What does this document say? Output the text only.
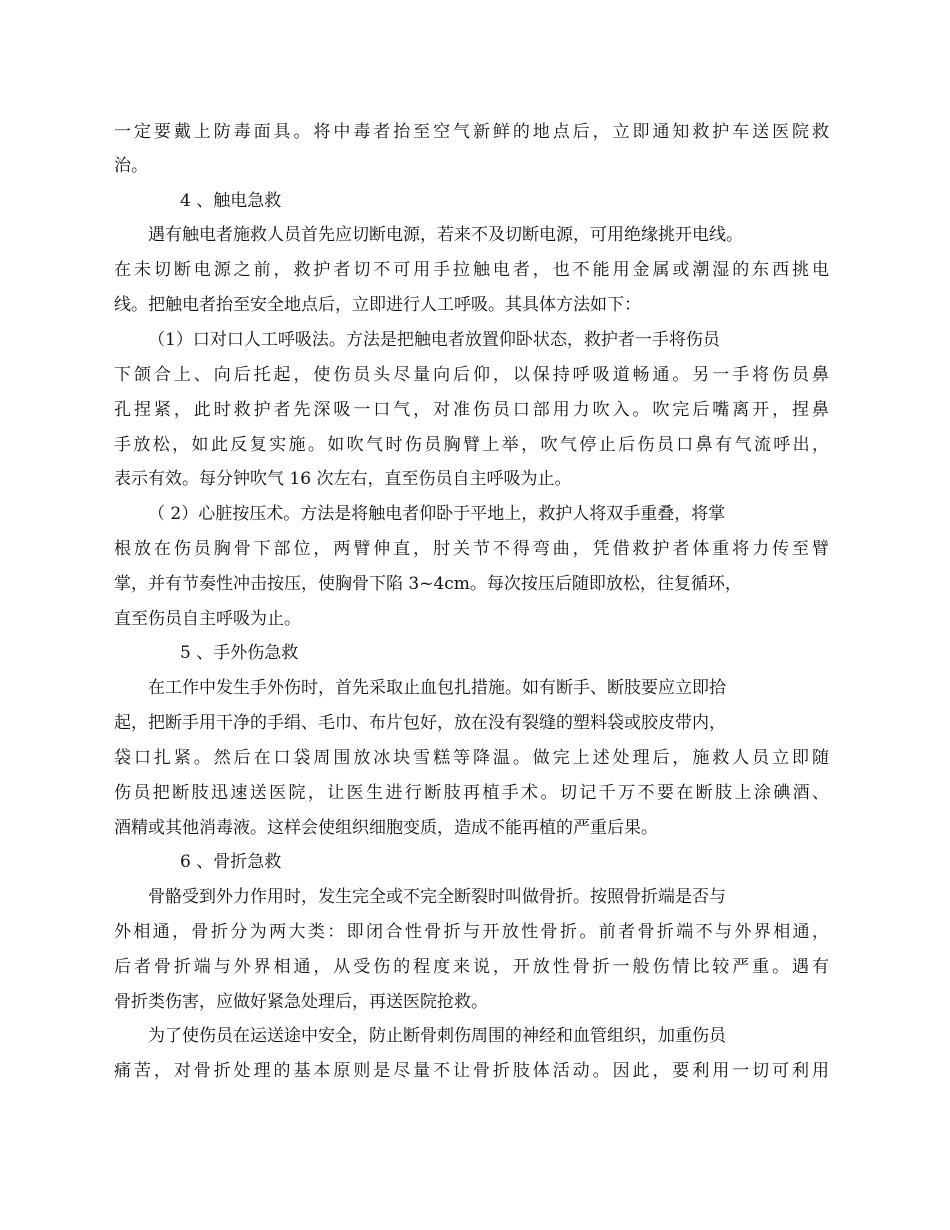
一定要戴上防毒面具。将中毒者抬至空气新鲜的地点后，立即通知救护车送医院救
治。
4 、触电急救
遇有触电者施救人员首先应切断电源，若来不及切断电源，可用绝缘挑开电线。
在未切断电源之前，救护者切不可用手拉触电者，也不能用金属或潮湿的东西挑电
线。把触电者抬至安全地点后，立即进行人工呼吸。其具体方法如下：
（1）口对口人工呼吸法。方法是把触电者放置仰卧状态，救护者一手将伤员
下颌合上、向后托起，使伤员头尽量向后仰，以保持呼吸道畅通。另一手将伤员鼻
孔捏紧，此时救护者先深吸一口气，对准伤员口部用力吹入。吹完后嘴离开，捏鼻
手放松，如此反复实施。如吹气时伤员胸臂上举，吹气停止后伤员口鼻有气流呼出，
表示有效。每分钟吹气 16 次左右，直至伤员自主呼吸为止。
（ 2）心脏按压术。方法是将触电者仰卧于平地上，救护人将双手重叠，将掌
根放在伤员胸骨下部位，两臂伸直，肘关节不得弯曲，凭借救护者体重将力传至臂
掌，并有节奏性冲击按压，使胸骨下陷 3~4cm。每次按压后随即放松，往复循环，
直至伤员自主呼吸为止。
5 、手外伤急救
在工作中发生手外伤时，首先采取止血包扎措施。如有断手、断肢要应立即拾
起，把断手用干净的手绢、毛巾、布片包好，放在没有裂缝的塑料袋或胶皮带内，
袋口扎紧。然后在口袋周围放冰块雪糕等降温。做完上述处理后，施救人员立即随
伤员把断肢迅速送医院，让医生进行断肢再植手术。切记千万不要在断肢上涂碘酒、
酒精或其他消毒液。这样会使组织细胞变质，造成不能再植的严重后果。
6 、骨折急救
骨骼受到外力作用时，发生完全或不完全断裂时叫做骨折。按照骨折端是否与
外相通，骨折分为两大类：即闭合性骨折与开放性骨折。前者骨折端不与外界相通，
后者骨折端与外界相通，从受伤的程度来说，开放性骨折一般伤情比较严重。遇有
骨折类伤害，应做好紧急处理后，再送医院抢救。
为了使伤员在运送途中安全，防止断骨刺伤周围的神经和血管组织，加重伤员
痛苦，对骨折处理的基本原则是尽量不让骨折肢体活动。因此，要利用一切可利用
